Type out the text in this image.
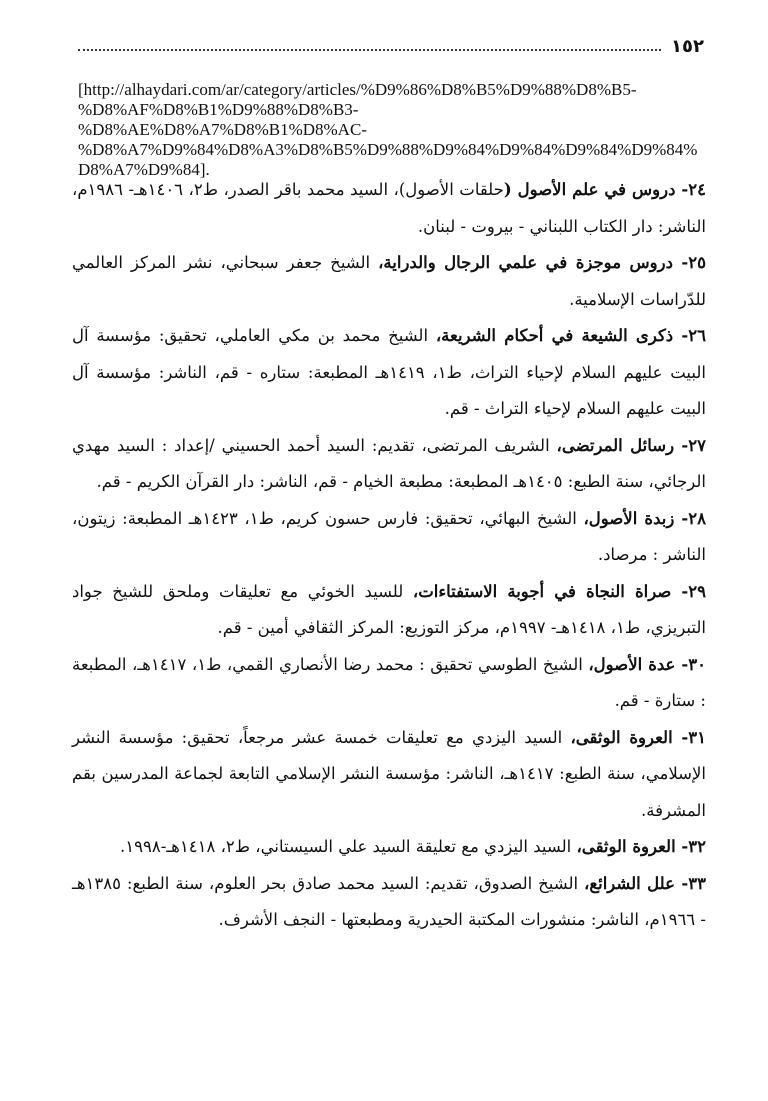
١٥٢
[http://alhaydari.com/ar/category/articles/%D9%86%D8%B5%D9%88%D8%B5-
%D8%AF%D8%B1%D9%88%D8%B3-
%D8%AE%D8%A7%D8%B1%D8%AC-
%D8%A7%D9%84%D8%A3%D8%B5%D9%88%D9%84%D9%84%D9%84%D9%84%D8%A7%D9%84].

٢٤- دروس في علم الأصول (حلقات الأصول)، السيد محمد باقر الصدر، ط٢، ١٤٠٦هـ- ١٩٨٦م، الناشر: دار الكتاب اللبناني - بيروت - لبنان.

٢٥- دروس موجزة في علمي الرجال والدراية، الشيخ جعفر سبحاني، نشر المركز العالمي للدّراسات الإسلامية.

٢٦- ذكرى الشيعة في أحكام الشريعة، الشيخ محمد بن مكي العاملي، تحقيق: مؤسسة آل البيت عليهم السلام لإحياء التراث، ط١، ١٤١٩هـ المطبعة: ستاره - قم، الناشر: مؤسسة آل البيت عليهم السلام لإحياء التراث - قم.

٢٧- رسائل المرتضى، الشريف المرتضى، تقديم: السيد أحمد الحسيني /إعداد : السيد مهدي الرجائي، سنة الطبع: ١٤٠٥هـ المطبعة: مطبعة الخيام - قم، الناشر: دار القرآن الكريم - قم.

٢٨- زبدة الأصول، الشيخ البهائي، تحقيق: فارس حسون كريم، ط١، ١٤٢٣هـ المطبعة: زيتون، الناشر : مرصاد.

٢٩- صراة النجاة في أجوبة الاستفتاءات، للسيد الخوئي مع تعليقات وملحق للشيخ جواد التبريزي، ط١، ١٤١٨هـ- ١٩٩٧م، مركز التوزيع: المركز الثقافي أمين - قم.

٣٠- عدة الأصول، الشيخ الطوسي تحقيق : محمد رضا الأنصاري القمي، ط١، ١٤١٧هـ، المطبعة : ستارة - قم.

٣١- العروة الوثقى، السيد اليزدي مع تعليقات خمسة عشر مرجعاً، تحقيق: مؤسسة النشر الإسلامي، سنة الطبع: ١٤١٧هـ، الناشر: مؤسسة النشر الإسلامي التابعة لجماعة المدرسين بقم المشرفة.

٣٢- العروة الوثقى، السيد اليزدي مع تعليقة السيد علي السيستاني، ط٢، ١٤١٨هـ-١٩٩٨.

٣٣- علل الشرائع، الشيخ الصدوق، تقديم: السيد محمد صادق بحر العلوم، سنة الطبع: ١٣٨٥هـ - ١٩٦٦م، الناشر: منشورات المكتبة الحيدرية ومطبعتها - النجف الأشرف.
